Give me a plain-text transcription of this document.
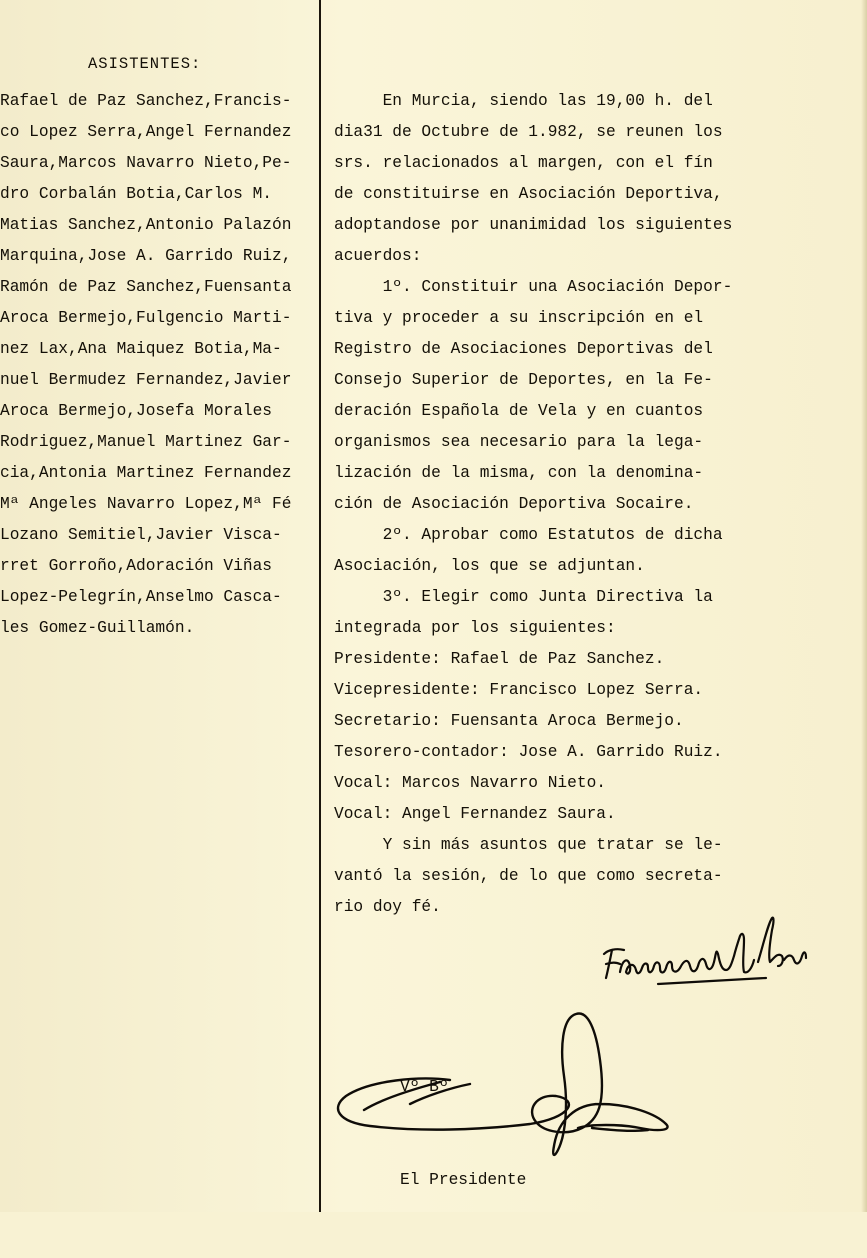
ASISTENTES:
Rafael de Paz Sanchez,Francis-
co Lopez Serra,Angel Fernandez
Saura,Marcos Navarro Nieto,Pe-
dro Corbalán Botia,Carlos M.
Matias Sanchez,Antonio Palazón
Marquina,Jose A. Garrido Ruiz,
Ramón de Paz Sanchez,Fuensanta
Aroca Bermejo,Fulgencio Marti-
nez Lax,Ana Maiquez Botia,Ma-
nuel Bermudez Fernandez,Javier
Aroca Bermejo,Josefa Morales
Rodriguez,Manuel Martinez Gar-
cia,Antonia Martinez Fernandez
Mª Angeles Navarro Lopez,Mª Fé
Lozano Semitiel,Javier Visca-
rret Gorroño,Adoración Viñas
Lopez-Pelegrín,Anselmo Casca-
les Gomez-Guillamón.
En Murcia, siendo las 19,00 h. del
dia31 de Octubre de 1.982, se reunen los
srs. relacionados al margen, con el fín
de constituirse en Asociación Deportiva,
adoptandose por unanimidad los siguientes
acuerdos:
1º. Constituir una Asociación Depor-
tiva y proceder a su inscripción en el
Registro de Asociaciones Deportivas del
Consejo Superior de Deportes, en la Fe-
deración Española de Vela y en cuantos
organismos sea necesario para la lega-
lización de la misma, con la denomina-
ción de Asociación Deportiva Socaire.
2º. Aprobar como Estatutos de dicha
Asociación, los que se adjuntan.
3º. Elegir como Junta Directiva la
integrada por los siguientes:
Presidente: Rafael de Paz Sanchez.
Vicepresidente: Francisco Lopez Serra.
Secretario: Fuensanta Aroca Bermejo.
Tesorero-contador: Jose A. Garrido Ruiz.
Vocal: Marcos Navarro Nieto.
Vocal: Angel Fernandez Saura.
Y sin más asuntos que tratar se le-
vantó la sesión, de lo que como secreta-
rio doy fé.

Vº Bº

El Presidente
